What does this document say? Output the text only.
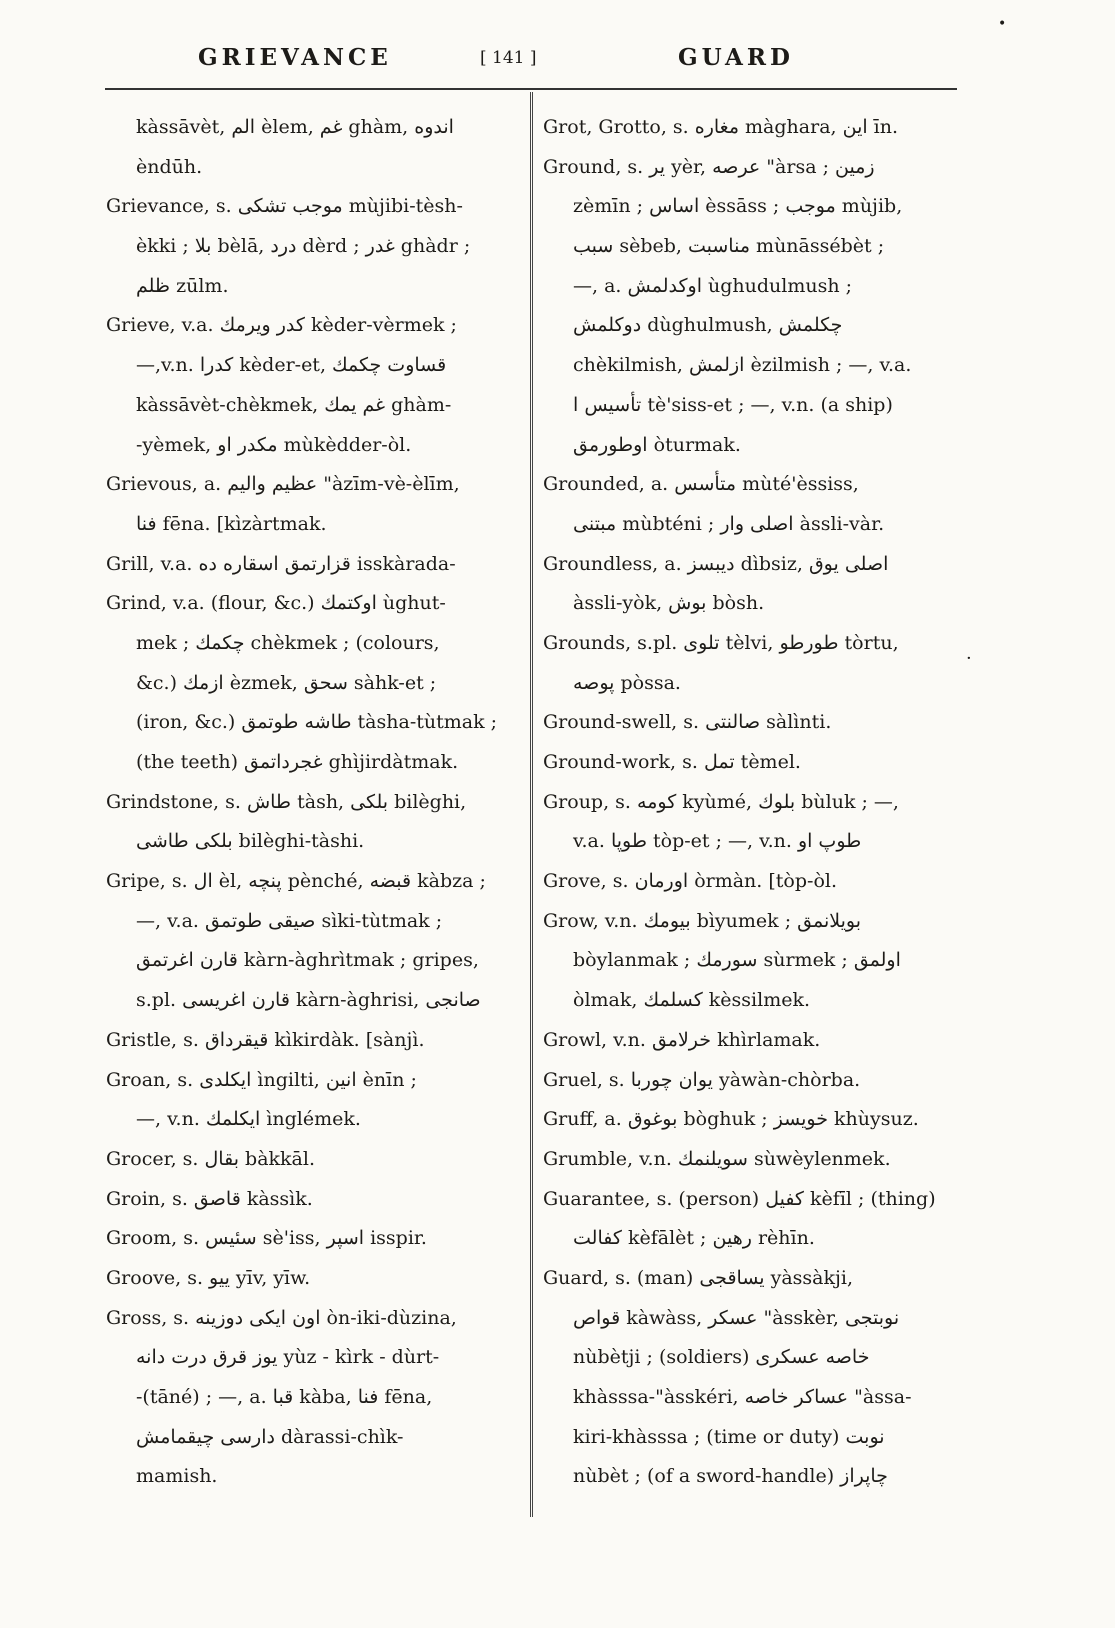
•
GRIEVANCE	[ 141 ]	GUARD
kàssāvèt, الم èlem, غم ghàm, اندوه
èndūh.
Grievance, s. موجب تشكى mùjibi-tèsh-
èkki ; بلا bèlā, درد dèrd ; غدر ghàdr ;
ظلم zūlm.
Grieve, v.a. كدر ويرمك kèder-vèrmek ;
—,v.n. كدرا kèder-et, قساوت چكمك
kàssāvèt-chèkmek, غم يمك ghàm-
-yèmek, مكدر او mùkèdder-òl.
Grievous, a. عظيم واليم "àzīm-vè-èlīm,
فنا fēna. [kìzàrtmak.
Grill, v.a. قزارتمق اسقاره ده isskàrada-
Grind, v.a. (flour, &c.) اوكتمك ùghut-
mek ; چكمك chèkmek ; (colours,
&c.) ازمك èzmek, سحق sàhk-et ;
(iron, &c.) طاشه طوتمق tàsha-tùtmak ;
(the teeth) غجرداتمق ghìjirdàtmak.
Grindstone, s. طاش tàsh, بلكى bilèghi,
بلكى طاشى bilèghi-tàshi.
Gripe, s. ال èl, پنچه pènché, قبضه kàbza ;
—, v.a. صيقى طوتمق sìki-tùtmak ;
قارن اغرتمق kàrn-àghrìtmak ; gripes,
s.pl. قارن اغريسى kàrn-àghrisi, صانجى
Gristle, s. قيقرداق kìkirdàk. [sànjì.
Groan, s. ايكلدى ìngilti, انين ènīn ;
—, v.n. ايكلمك ìnglémek.
Grocer, s. بقال bàkkāl.
Groin, s. قاصق kàssìk.
Groom, s. سئيس sè'iss, اسپر isspir.
Groove, s. ييو yīv, yīw.
Gross, s. اون ايكى دوزينه òn-iki-dùzina,
يوز قرق درت دانه yùz - kìrk - dùrt-
-(tāné) ; —, a. قبا kàba, فنا fēna,
دارسى چيقمامش dàrassi-chìk-
mamish.
Grot, Grotto, s. مغاره màghara, اين īn.
Ground, s. ير yèr, عرصه "àrsa ; زمين
zèmīn ; اساس èssāss ; موجب mùjib,
سبب sèbeb, مناسبت mùnāssébèt ;
—, a. اوكدلمش ùghudulmush ;
دوكلمش dùghulmush, چكلمش
chèkilmish, ازلمش èzilmish ; —, v.a.
تأسيس ا tè'siss-et ; —, v.n. (a ship)
اوطورمق òturmak.
Grounded, a. متأسس mùté'èssiss,
مبتنى mùbténi ; اصلى وار àssli-vàr.
Groundless, a. ديبسز dìbsiz, اصلى يوق
àssli-yòk, بوش bòsh.
Grounds, s.pl. تلوى tèlvi, طورطو tòrtu,
پوصه pòssa.
Ground-swell, s. صالنتى sàlìnti.
Ground-work, s. تمل tèmel.
Group, s. كومه kyùmé, بلوك bùluk ; —,
v.a. طوپا tòp-et ; —, v.n. طوپ او
Grove, s. اورمان òrmàn. [tòp-òl.
Grow, v.n. بيومك bìyumek ; بويلانمق
bòylanmak ; سورمك sùrmek ; اولمق
òlmak, كسلمك kèssilmek.
Growl, v.n. خرلامق khìrlamak.
Gruel, s. يوان چوربا yàwàn-chòrba.
Gruff, a. بوغوق bòghuk ; خويسز khùysuz.
Grumble, v.n. سويلنمك sùwèylenmek.
Guarantee, s. (person) كفيل kèfīl ; (thing)
كفالت kèfālèt ; رهين rèhīn.
Guard, s. (man) يساقجى yàssàkji,
قواص kàwàss, عسكر "àsskèr, نوبتجى
nùbètji ; (soldiers) خاصه عسكرى
khàsssa-"àsskéri, عساكر خاصه "àssa-
kiri-khàsssa ; (time or duty) نوبت
nùbèt ; (of a sword-handle) چاپراز
·
